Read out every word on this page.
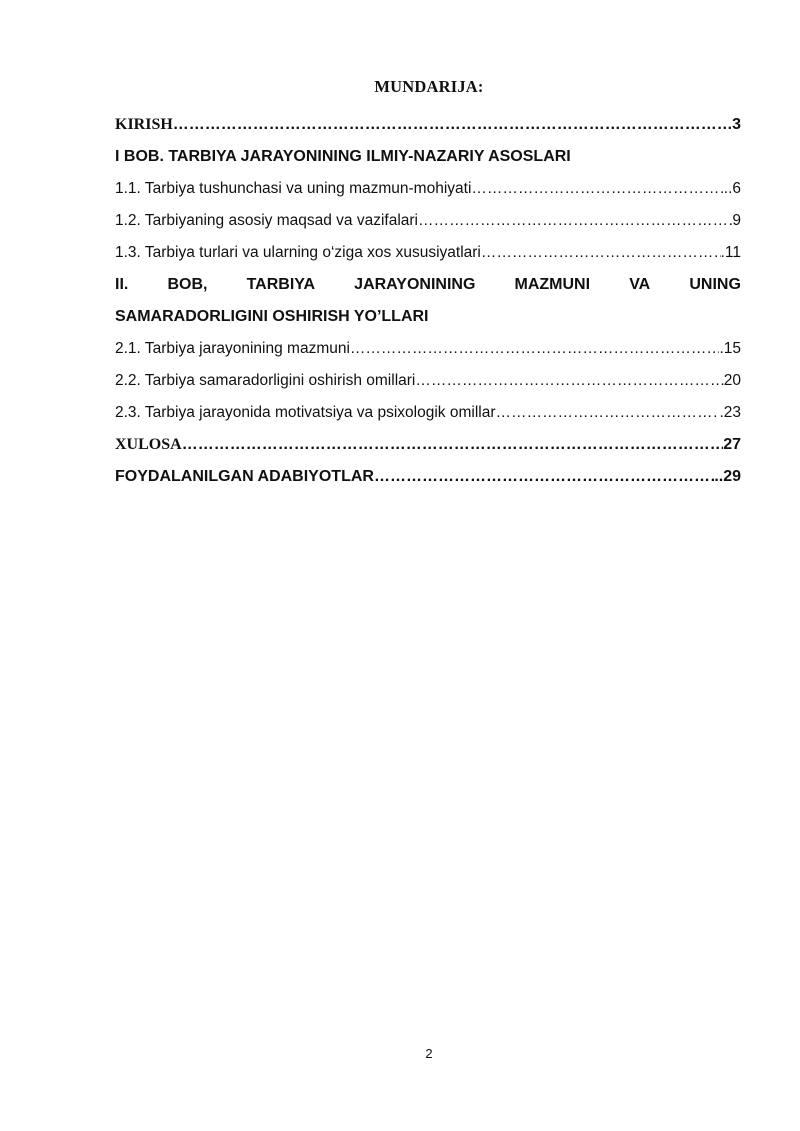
MUNDARIJA:
KIRISH ……………………………………………………………………………………………………………………………………………………	3
I BOB. TARBIYA JARAYONINING ILMIY-NAZARIY ASOSLARI
1.1. Tarbiya tushunchasi va uning mazmun-mohiyati ……………………………………………………………………………………………………………………………………………………	..6
1.2. Tarbiyaning asosiy maqsad va vazifalari ……………………………………………………………………………………………………………………………………………………	9
1.3. Tarbiya turlari va ularning o‘ziga xos xususiyatlari ……………………………………………………………………………………………………………………………………………………	.11
II. BOB, TARBIYA JARAYONINING MAZMUNI VA UNING
SAMARADORLIGINI OSHIRISH YO’LLARI
2.1. Tarbiya jarayonining mazmuni ……………………………………………………………………………………………………………………………………………………	.15
2.2. Tarbiya samaradorligini oshirish omillari ……………………………………………………………………………………………………………………………………………………	20
2.3. Tarbiya jarayonida motivatsiya va psixologik omillar ……………………………………………………………………………………………………………………………………………………	.23
XULOSA ……………………………………………………………………………………………………………………………………………………	27
FOYDALANILGAN ADABIYOTLAR ……………………………………………………………………………………………………………………………………………………	..29
2
